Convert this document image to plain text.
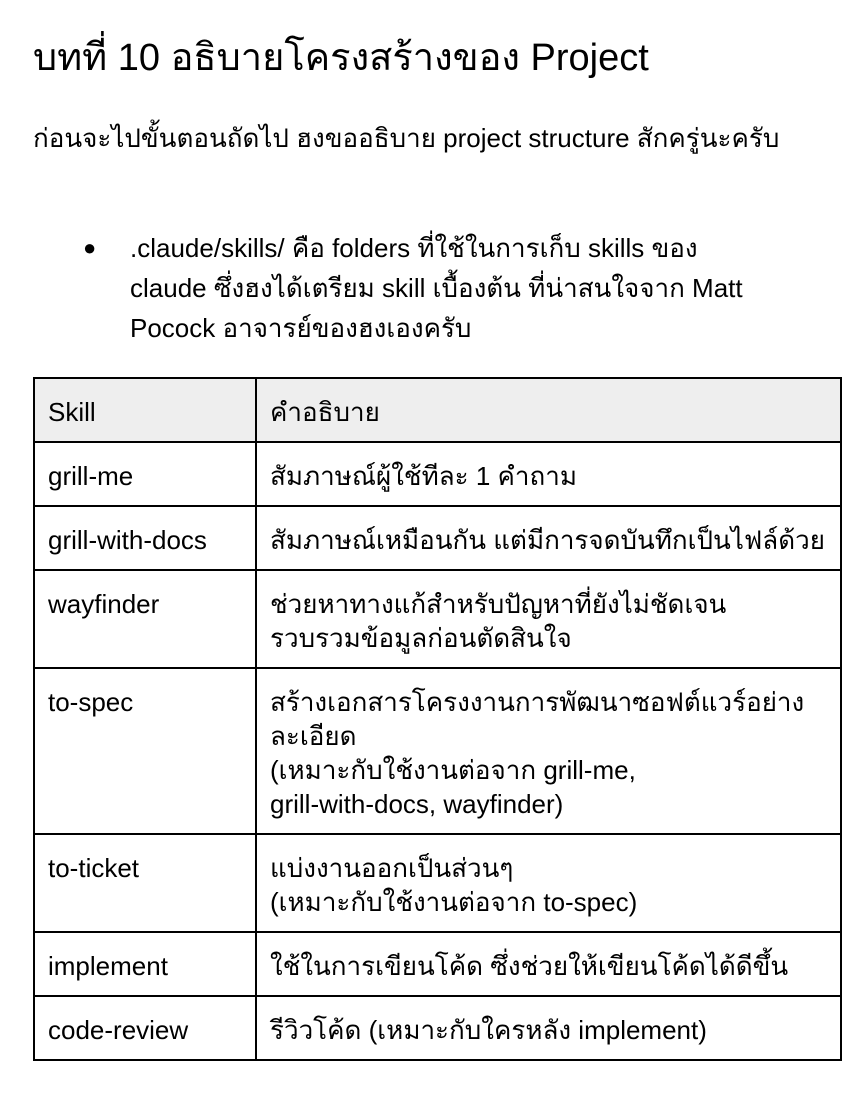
บทที่ 10 อธิบายโครงสร้างของ Project

ก่อนจะไปขั้นตอนถัดไป ฮงขออธิบาย project structure สักครู่นะครับ

● .claude/skills/ คือ folders ที่ใช้ในการเก็บ skills ของ claude ซึ่งฮงได้เตรียม skill เบื้องต้น ที่น่าสนใจจาก Matt Pocock อาจารย์ของฮงเองครับ
Skill	คำอธิบาย
grill-me	สัมภาษณ์ผู้ใช้ทีละ 1 คำถาม
grill-with-docs	สัมภาษณ์เหมือนกัน แต่มีการจดบันทึกเป็นไฟล์ด้วย
wayfinder	ช่วยหาทางแก้สำหรับปัญหาที่ยังไม่ชัดเจน
รวบรวมข้อมูลก่อนตัดสินใจ
to-spec	สร้างเอกสารโครงงานการพัฒนาซอฟต์แวร์อย่างละเอียด
(เหมาะกับใช้งานต่อจาก grill-me,
grill-with-docs, wayfinder)
to-ticket	แบ่งงานออกเป็นส่วนๆ
(เหมาะกับใช้งานต่อจาก to-spec)
implement	ใช้ในการเขียนโค้ด ซึ่งช่วยให้เขียนโค้ดได้ดีขึ้น
code-review	รีวิวโค้ด (เหมาะกับใครหลัง implement)
